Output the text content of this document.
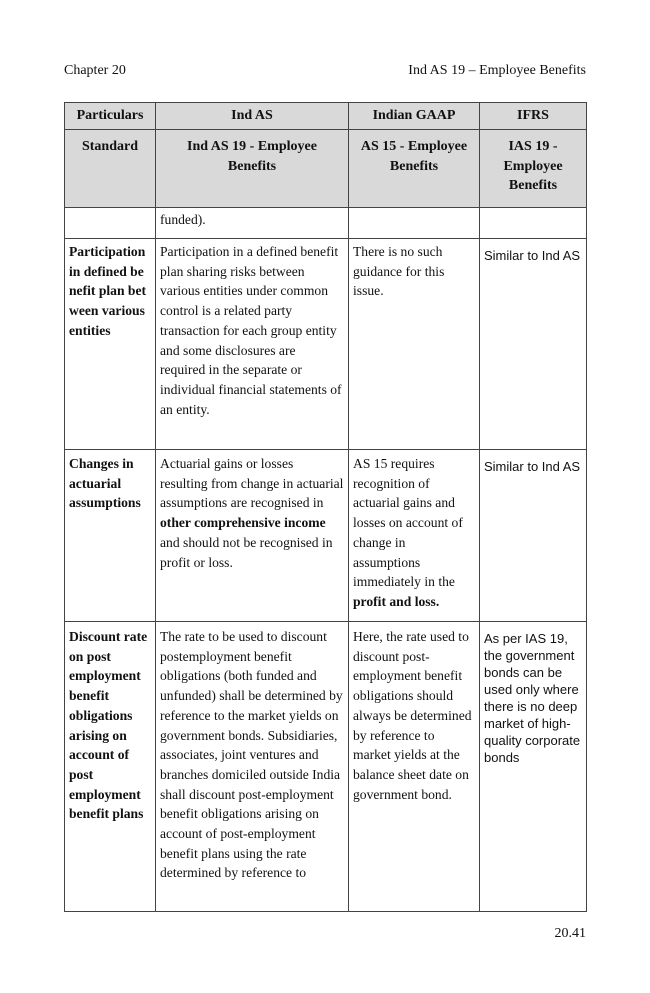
Chapter 20	Ind AS 19 – Employee Benefits
Particulars	Ind AS	Indian GAAP	IFRS
Standard	Ind AS 19 - Employee Benefits	AS 15 - Employee Benefits	IAS 19 - Employee Benefits
	funded).		
Participation in defined benefit plan between various entities	Participation in a defined benefit plan sharing risks between various entities under common control is a related party transaction for each group entity and some disclosures are required in the separate or individual financial statements of an entity.	There is no such guidance for this issue.	Similar to Ind AS
Changes in actuarial assumptions	Actuarial gains or losses resulting from change in actuarial assumptions are recognised in other comprehensive income and should not be recognised in profit or loss.	AS 15 requires recognition of actuarial gains and losses on account of change in assumptions immediately in the profit and loss.	Similar to Ind AS
Discount rate on post employment benefit obligations arising on account of post employment benefit plans	The rate to be used to discount postemployment benefit obligations (both funded and unfunded) shall be determined by reference to the market yields on government bonds. Subsidiaries, associates, joint ventures and branches domiciled outside India shall discount post-employment benefit obligations arising on account of post-employment benefit plans using the rate determined by reference to	Here, the rate used to discount post-employment benefit obligations should always be determined by reference to market yields at the balance sheet date on government bond.	As per IAS 19, the government bonds can be used only where there is no deep market of high-quality corporate bonds
20.41
